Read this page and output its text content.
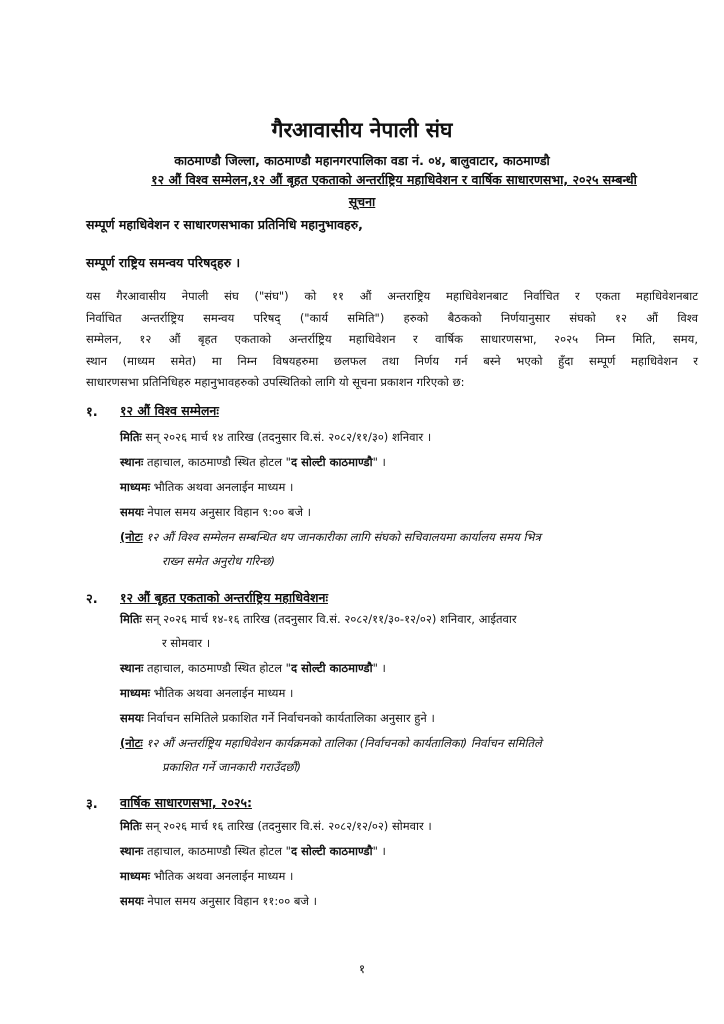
गैरआवासीय नेपाली संघ
काठमाण्डौ जिल्ला, काठमाण्डौ महानगरपालिका वडा नं. ०४, बालुवाटार, काठमाण्डौ
१२ औं विश्व सम्मेलन,१२ औं बृहत एकताको अन्तर्राष्ट्रिय महाधिवेशन र वार्षिक साधारणसभा, २०२५ सम्बन्धी
सूचना
सम्पूर्ण महाधिवेशन र साधारणसभाका प्रतिनिधि महानुभावहरु,
सम्पूर्ण राष्ट्रिय समन्वय परिषद्हरु ।
यस गैरआवासीय नेपाली संघ ("संघ") को ११ औं अन्तराष्ट्रिय महाधिवेशनबाट निर्वाचित र एकता महाधिवेशनबाट
निर्वाचित अन्तर्राष्ट्रिय समन्वय परिषद् ("कार्य समिति") हरुको बैठकको निर्णयानुसार संघको १२ औं विश्व
सम्मेलन, १२ औं बृहत एकताको अन्तर्राष्ट्रिय महाधिवेशन र वार्षिक साधारणसभा, २०२५ निम्न मिति, समय,
स्थान (माध्यम समेत) मा निम्न विषयहरुमा छलफल तथा निर्णय गर्न बस्ने भएको हुँदा सम्पूर्ण महाधिवेशन र
साधारणसभा प्रतिनिधिहरु महानुभावहरुको उपस्थितिको लागि यो सूचना प्रकाशन गरिएको छ:
१. १२ औं विश्व सम्मेलनः
मितिः सन् २०२६ मार्च १४ तारिख (तदनुसार वि.सं. २०८२/११/३०) शनिवार ।
स्थानः तहाचाल, काठमाण्डौ स्थित होटल "द सोल्टी काठमाण्डौ" ।
माध्यमः भौतिक अथवा अनलाईन माध्यम ।
समयः नेपाल समय अनुसार विहान ९:०० बजे ।
(नोटः १२ औं विश्व सम्मेलन सम्बन्धित थप जानकारीका लागि संघको सचिवालयमा कार्यालय समय भित्र
राख्न समेत अनुरोध गरिन्छ)
२. १२ औं बृहत एकताको अन्तर्राष्ट्रिय महाधिवेशनः
मितिः सन् २०२६ मार्च १४-१६ तारिख (तदनुसार वि.सं. २०८२/११/३०-१२/०२) शनिवार, आईतवार
र सोमवार ।
स्थानः तहाचाल, काठमाण्डौ स्थित होटल "द सोल्टी काठमाण्डौ" ।
माध्यमः भौतिक अथवा अनलाईन माध्यम ।
समयः निर्वाचन समितिले प्रकाशित गर्ने निर्वाचनको कार्यतालिका अनुसार हुने ।
(नोटः १२ औं अन्तर्राष्ट्रिय महाधिवेशन कार्यक्रमको तालिका (निर्वाचनको कार्यतालिका) निर्वाचन समितिले
प्रकाशित गर्ने जानकारी गराउँदछौं)
३. वार्षिक साधारणसभा, २०२५:
मितिः सन् २०२६ मार्च १६ तारिख (तदनुसार वि.सं. २०८२/१२/०२) सोमवार ।
स्थानः तहाचाल, काठमाण्डौ स्थित होटल "द सोल्टी काठमाण्डौ" ।
माध्यमः भौतिक अथवा अनलाईन माध्यम ।
समयः नेपाल समय अनुसार विहान ११:०० बजे ।
१
